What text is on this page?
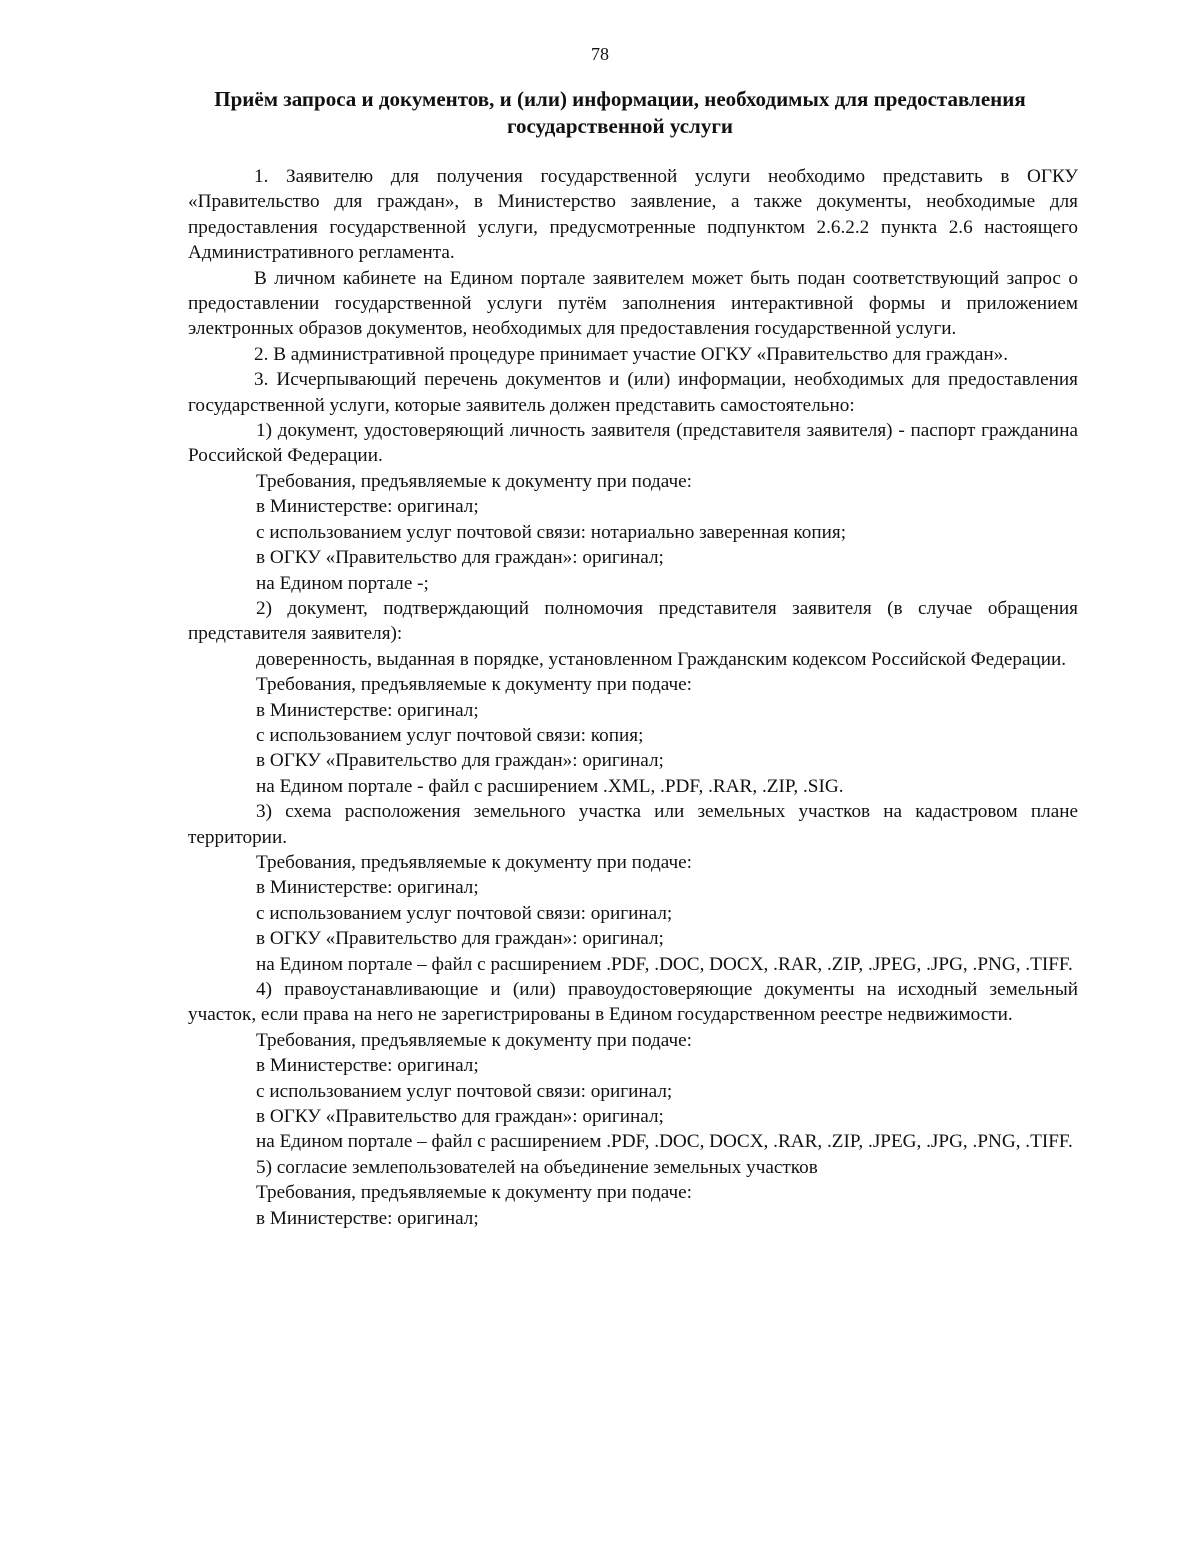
78
Приём запроса и документов, и (или) информации, необходимых для предоставления
государственной услуги

1. Заявителю для получения государственной услуги необходимо представить в ОГКУ «Правительство для граждан», в Министерство заявление, а также документы, необходимые для предоставления государственной услуги, предусмотренные подпунктом 2.6.2.2 пункта 2.6 настоящего Административного регламента.

В личном кабинете на Едином портале заявителем может быть подан соответствующий запрос о предоставлении государственной услуги путём заполнения интерактивной формы и приложением электронных образов документов, необходимых для предоставления государственной услуги.

2. В административной процедуре принимает участие ОГКУ «Правительство для граждан».

3. Исчерпывающий перечень документов и (или) информации, необходимых для предоставления государственной услуги, которые заявитель должен представить самостоятельно:

1) документ, удостоверяющий личность заявителя (представителя заявителя) - паспорт гражданина Российской Федерации.

Требования, предъявляемые к документу при подаче:

в Министерстве: оригинал;

с использованием услуг почтовой связи: нотариально заверенная копия;

в ОГКУ «Правительство для граждан»: оригинал;

на Едином портале -;

2) документ, подтверждающий полномочия представителя заявителя (в случае обращения представителя заявителя):

доверенность, выданная в порядке, установленном Гражданским кодексом Российской Федерации.

Требования, предъявляемые к документу при подаче:

в Министерстве: оригинал;

с использованием услуг почтовой связи: копия;

в ОГКУ «Правительство для граждан»: оригинал;

на Едином портале - файл с расширением .XML, .PDF, .RAR, .ZIP, .SIG.

3) схема расположения земельного участка или земельных участков на кадастровом плане территории.

Требования, предъявляемые к документу при подаче:

в Министерстве: оригинал;

с использованием услуг почтовой связи: оригинал;

в ОГКУ «Правительство для граждан»: оригинал;

на Едином портале – файл с расширением .PDF, .DOC, DOCX, .RAR, .ZIP, .JPEG, .JPG, .PNG, .TIFF.

4) правоустанавливающие и (или) правоудостоверяющие документы на исходный земельный участок, если права на него не зарегистрированы в Едином государственном реестре недвижимости.

Требования, предъявляемые к документу при подаче:

в Министерстве: оригинал;

с использованием услуг почтовой связи: оригинал;

в ОГКУ «Правительство для граждан»: оригинал;

на Едином портале – файл с расширением .PDF, .DOC, DOCX, .RAR, .ZIP, .JPEG, .JPG, .PNG, .TIFF.

5) согласие землепользователей на объединение земельных участков

Требования, предъявляемые к документу при подаче:

в Министерстве: оригинал;
